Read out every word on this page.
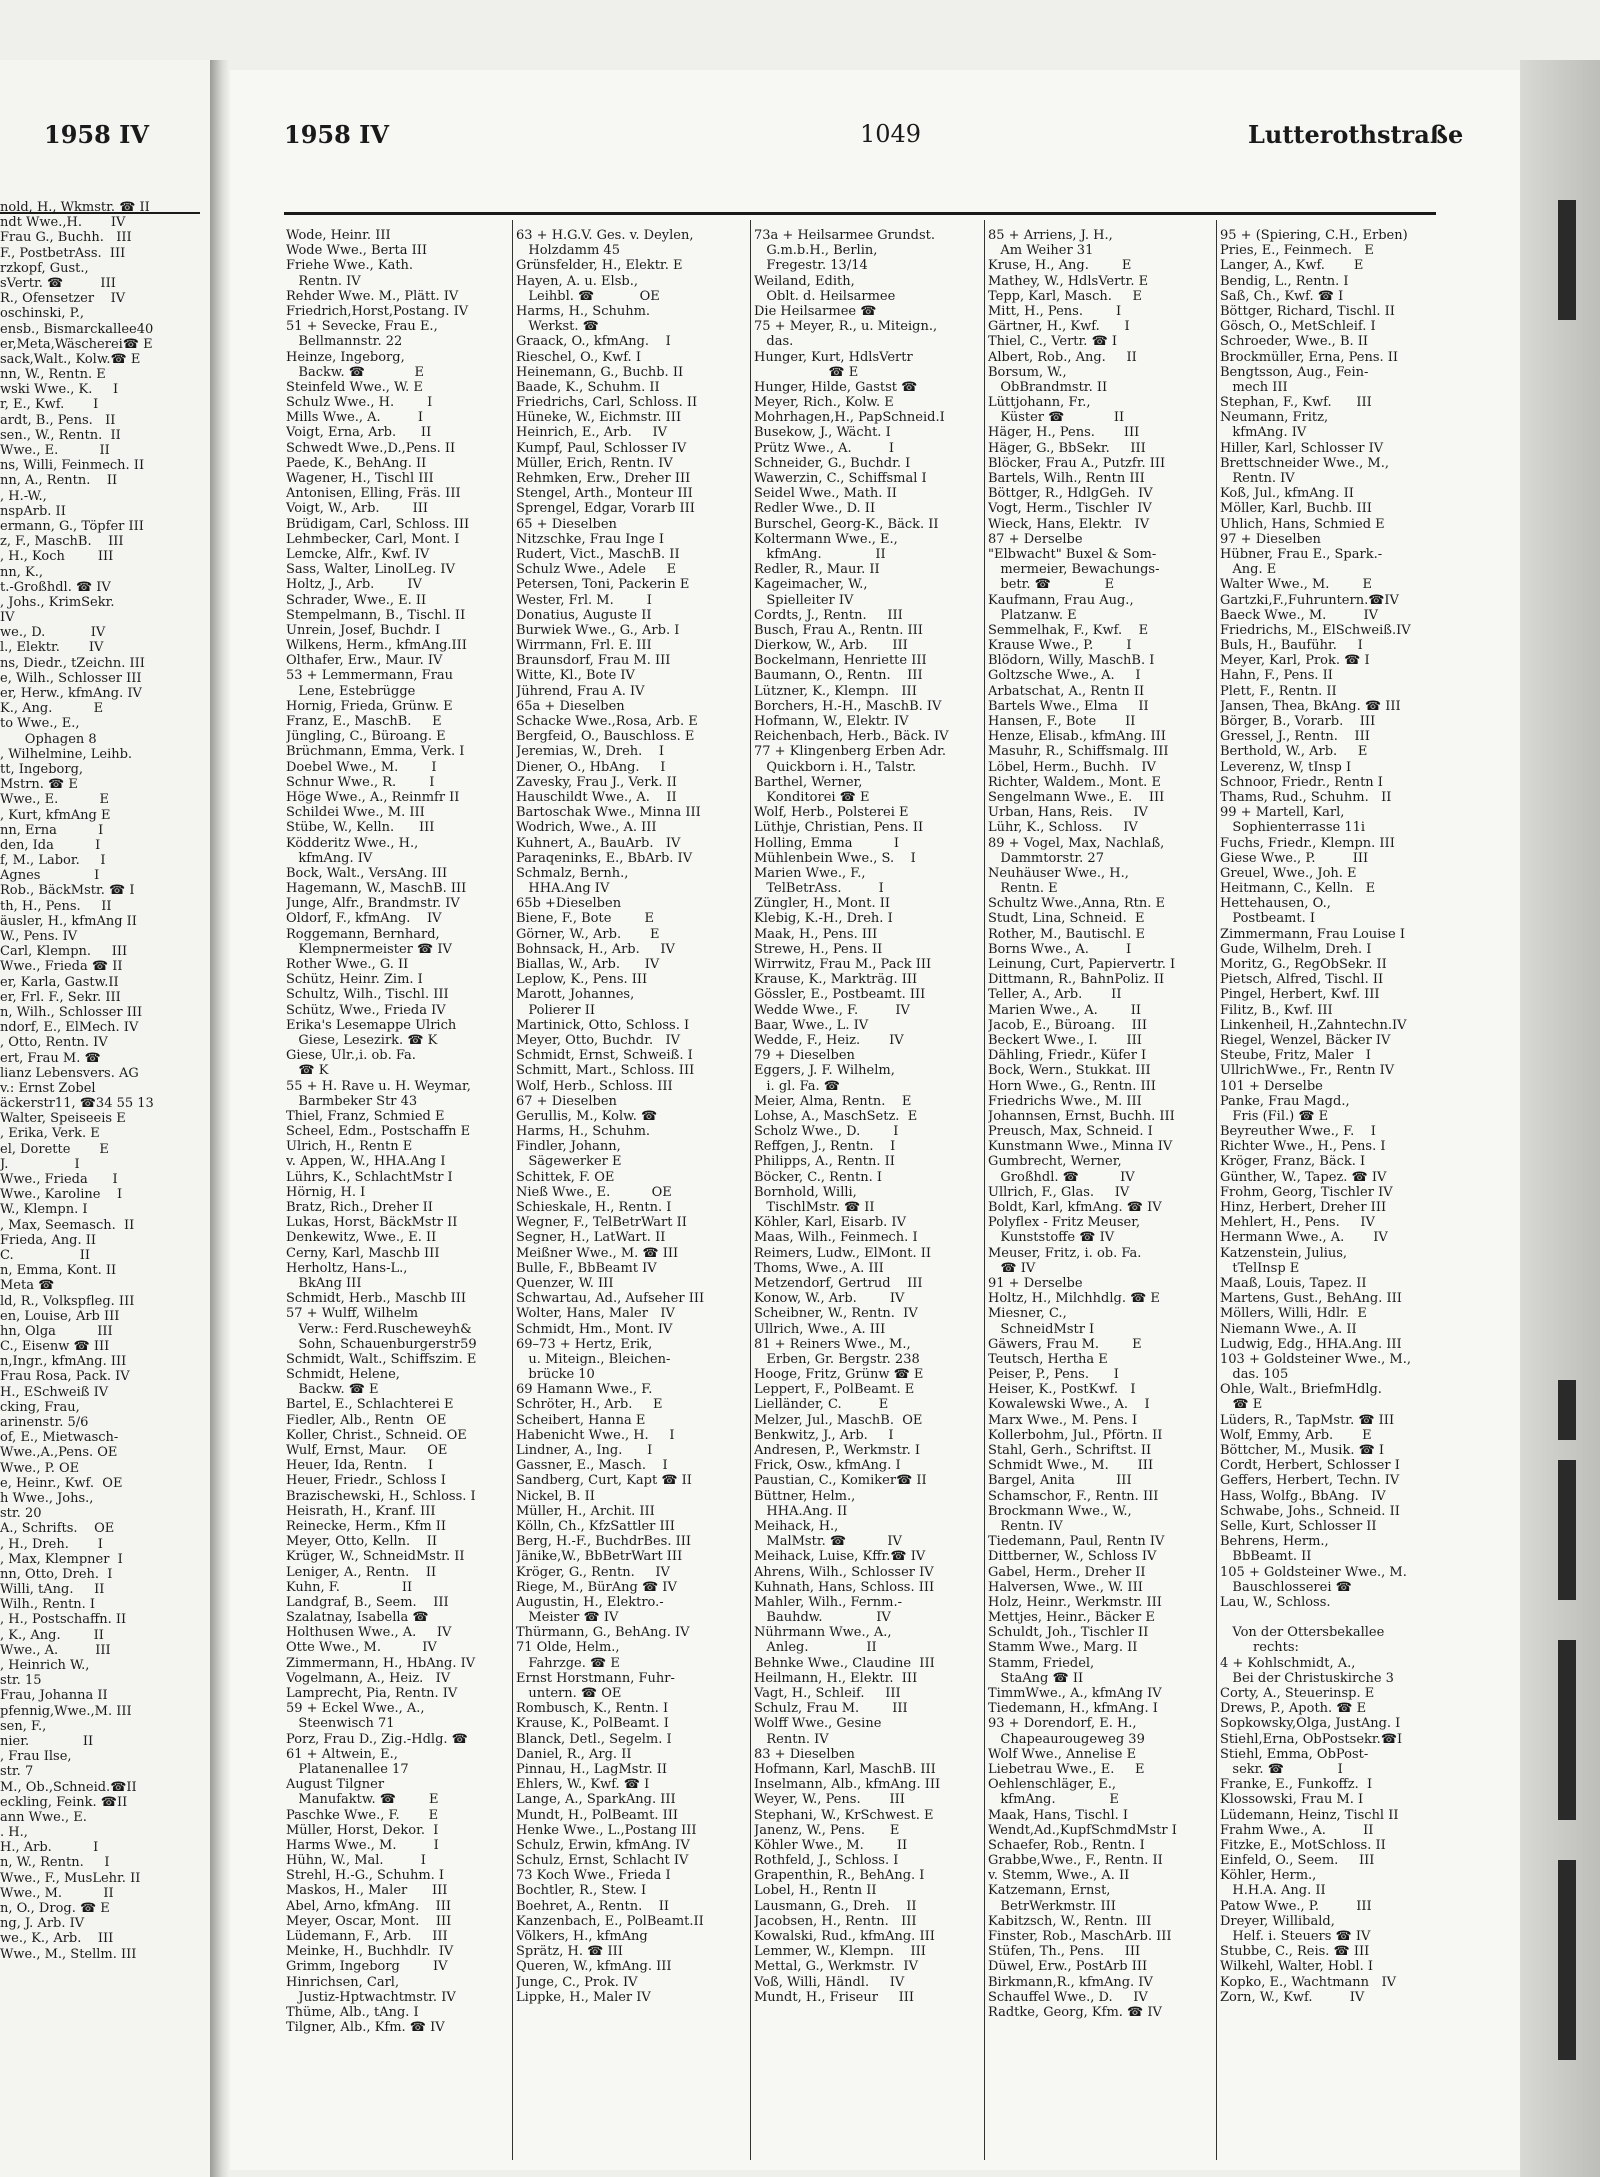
1958 IV
nold, H., Wkmstr. ☎ II
ndt Wwe.,H.       IV
Frau G., Buchh.   III
F., PostbetrAss.  III
rzkopf, Gust.,
sVertr. ☎         III
R., Ofensetzer    IV
oschinski, P.,
ensb., Bismarckallee40
er,Meta,Wäscherei☎ E
sack,Walt., Kolw.☎ E
nn, W., Rentn. E
wski Wwe., K.     I
r, E., Kwf.       I
ardt, B., Pens.   II
sen., W., Rentn.  II
Wwe., E.          II
ns, Willi, Feinmech. II
nn, A., Rentn.    II
, H.-W.,
nspArb. II
ermann, G., Töpfer III
z, F., MaschB.    III
, H., Koch        III
nn, K.,
t.-Großhdl. ☎ IV
, Johs., KrimSekr.
IV
we., D.           IV
l., Elektr.       IV
ns, Diedr., tZeichn. III
e, Wilh., Schlosser III
er, Herw., kfmAng. IV
K., Ang.          E
to Wwe., E.,
Ophagen 8
, Wilhelmine, Leihb.
tt, Ingeborg,
Mstrn. ☎ E
Wwe., E.          E
, Kurt, kfmAng E
nn, Erna          I
den, Ida          I
f, M., Labor.     I
Agnes             I
Rob., BäckMstr. ☎ I
th, H., Pens.     II
äusler, H., kfmAng II
W., Pens. IV
Carl, Klempn.     III
Wwe., Frieda ☎ II
er, Karla, Gastw.II
er, Frl. F., Sekr. III
n, Wilh., Schlosser III
ndorf, E., ElMech. IV
, Otto, Rentn. IV
ert, Frau M. ☎
lianz Lebensvers. AG
v.: Ernst Zobel
äckerstr11, ☎34 55 13
Walter, Speiseeis E
, Erika, Verk. E
el, Dorette       E
J.                I
Wwe., Frieda      I
Wwe., Karoline    I
W., Klempn. I
, Max, Seemasch.  II
Frieda, Ang. II
C.                II
n, Emma, Kont. II
Meta ☎
ld, R., Volkspfleg. III
en, Louise, Arb III
hn, Olga          III
C., Eisenw ☎ III
n,Ingr., kfmAng. III
Frau Rosa, Pack. IV
H., ESchweiß IV
cking, Frau,
arinenstr. 5/6
of, E., Mietwasch-
Wwe.,A.,Pens. OE
Wwe., P. OE
e, Heinr., Kwf.  OE
h Wwe., Johs.,
str. 20
A., Schrifts.    OE
, H., Dreh.       I
, Max, Klempner  I
nn, Otto, Dreh.  I
Willi, tAng.     II
Wilh., Rentn. I
, H., Postschaffn. II
, K., Ang.        II
Wwe., A.         III
, Heinrich W.,
str. 15
Frau, Johanna II
pfennig,Wwe.,M. III
sen, F.,
nier.             II
, Frau Ilse,
str. 7
M., Ob.,Schneid.☎II
eckling, Feink. ☎II
ann Wwe., E.
. H.,
H., Arb.          I
n, W., Rentn.     I
Wwe., F., MusLehr. II
Wwe., M.          II
n, O., Drog. ☎ E
ng, J. Arb. IV
we., K., Arb.    III
Wwe., M., Stellm. III
1958 IV	1049	Lutterothstraße
Wode, Heinr. III
Wode Wwe., Berta III
Friehe Wwe., Kath.
Rentn. IV
Rehder Wwe. M., Plätt. IV
Friedrich,Horst,Postang. IV
51 + Sevecke, Frau E.,
Bellmannstr. 22
Heinze, Ingeborg,
Backw. ☎            E
Steinfeld Wwe., W. E
Schulz Wwe., H.        I
Mills Wwe., A.         I
Voigt, Erna, Arb.      II
Schwedt Wwe.,D.,Pens. II
Paede, K., BehAng. II
Wagener, H., Tischl III
Antonisen, Elling, Fräs. III
Voigt, W., Arb.        III
Brüdigam, Carl, Schloss. III
Lehmbecker, Carl, Mont. I
Lemcke, Alfr., Kwf. IV
Sass, Walter, LinolLeg. IV
Holtz, J., Arb.        IV
Schrader, Wwe., E. II
Stempelmann, B., Tischl. II
Unrein, Josef, Buchdr. I
Wilkens, Herm., kfmAng.III
Olthafer, Erw., Maur. IV
53 + Lemmermann, Frau
Lene, Estebrügge
Hornig, Frieda, Grünw. E
Franz, E., MaschB.     E
Jüngling, C., Büroang. E
Brüchmann, Emma, Verk. I
Doebel Wwe., M.        I
Schnur Wwe., R.        I
Höge Wwe., A., Reinmfr II
Schildei Wwe., M. III
Stübe, W., Kelln.      III
Ködderitz Wwe., H.,
kfmAng. IV
Bock, Walt., VersAng. III
Hagemann, W., MaschB. III
Junge, Alfr., Brandmstr. IV
Oldorf, F., kfmAng.    IV
Roggemann, Bernhard,
Klempnermeister ☎ IV
Rother Wwe., G. II
Schütz, Heinr. Zim. I
Schultz, Wilh., Tischl. III
Schütz, Wwe., Frieda IV
Erika's Lesemappe Ulrich
Giese, Lesezirk. ☎ K
Giese, Ulr.,i. ob. Fa.
☎ K
55 + H. Rave u. H. Weymar,
Barmbeker Str 43
Thiel, Franz, Schmied E
Scheel, Edm., Postschaffn E
Ulrich, H., Rentn E
v. Appen, W., HHA.Ang I
Lührs, K., SchlachtMstr I
Hörnig, H. I
Bratz, Rich., Dreher II
Lukas, Horst, BäckMstr II
Denkewitz, Wwe., E. II
Cerny, Karl, Maschb III
Herholtz, Hans-L.,
BkAng III
Schmidt, Herb., Maschb III
57 + Wulff, Wilhelm
Verw.: Ferd.Ruscheweyh&
Sohn, Schauenburgerstr59
Schmidt, Walt., Schiffszim. E
Schmidt, Helene,
Backw. ☎ E
Bartel, E., Schlachterei E
Fiedler, Alb., Rentn   OE
Koller, Christ., Schneid. OE
Wulf, Ernst, Maur.     OE
Heuer, Ida, Rentn.     I
Heuer, Friedr., Schloss I
Brazischewski, H., Schloss. I
Heisrath, H., Kranf. III
Reinecke, Herm., Kfm II
Meyer, Otto, Kelln.    II
Krüger, W., SchneidMstr. II
Leniger, A., Rentn.    II
Kuhn, F.               II
Landgraf, B., Seem.    III
Szalatnay, Isabella ☎
Holthusen Wwe., A.     IV
Otte Wwe., M.          IV
Zimmermann, H., HbAng. IV
Vogelmann, A., Heiz.   IV
Lamprecht, Pia, Rentn. IV
59 + Eckel Wwe., A.,
Steenwisch 71
Porz, Frau D., Zig.-Hdlg. ☎
61 + Altwein, E.,
Platanenallee 17
August Tilgner
Manufaktw. ☎        E
Paschke Wwe., F.       E
Müller, Horst, Dekor.  I
Harms Wwe., M.         I
Hühn, W., Mal.         I
Strehl, H.-G., Schuhm. I
Maskos, H., Maler      III
Abel, Arno, kfmAng.    III
Meyer, Oscar, Mont.    III
Lüdemann, F., Arb.     III
Meinke, H., Buchhdlr.  IV
Grimm, Ingeborg        IV
Hinrichsen, Carl,
Justiz-Hptwachtmstr. IV
Thüme, Alb., tAng. I
Tilgner, Alb., Kfm. ☎ IV
63 + H.G.V. Ges. v. Deylen,
Holzdamm 45
Grünsfelder, H., Elektr. E
Hayen, A. u. Elsb.,
Leihbl. ☎           OE
Harms, H., Schuhm.
Werkst. ☎
Graack, O., kfmAng.    I
Rieschel, O., Kwf. I
Heinemann, G., Buchb. II
Baade, K., Schuhm. II
Friedrichs, Carl, Schloss. II
Hüneke, W., Eichmstr. III
Heinrich, E., Arb.     IV
Kumpf, Paul, Schlosser IV
Müller, Erich, Rentn. IV
Rehmken, Erw., Dreher III
Stengel, Arth., Monteur III
Sprengel, Edgar, Vorarb III
65 + Dieselben
Nitzschke, Frau Inge I
Rudert, Vict., MaschB. II
Schulz Wwe., Adele     E
Petersen, Toni, Packerin E
Wester, Frl. M.        I
Donatius, Auguste II
Burwiek Wwe., G., Arb. I
Wirrmann, Frl. E. III
Braunsdorf, Frau M. III
Witte, Kl., Bote IV
Jührend, Frau A. IV
65a + Dieselben
Schacke Wwe.,Rosa, Arb. E
Bergfeid, O., Bauschloss. E
Jeremias, W., Dreh.    I
Diener, O., HbAng.     I
Zavesky, Frau J., Verk. II
Hauschildt Wwe., A.    II
Bartoschak Wwe., Minna III
Wodrich, Wwe., A. III
Kuhnert, A., BauArb.   IV
Paraqeninks, E., BbArb. IV
Schmalz, Bernh.,
HHA.Ang IV
65b +Dieselben
Biene, F., Bote        E
Görner, W., Arb.       E
Bohnsack, H., Arb.     IV
Biallas, W., Arb.      IV
Leplow, K., Pens. III
Marott, Johannes,
Polierer II
Martinick, Otto, Schloss. I
Meyer, Otto, Buchdr.   IV
Schmidt, Ernst, Schweiß. I
Schmitt, Mart., Schloss. III
Wolf, Herb., Schloss. III
67 + Dieselben
Gerullis, M., Kolw. ☎
Harms, H., Schuhm.
Findler, Johann,
Sägewerker E
Schittek, F. OE
Nieß Wwe., E.          OE
Schieskale, H., Rentn. I
Wegner, F., TelBetrWart II
Segner, H., LatWart. II
Meißner Wwe., M. ☎ III
Bulle, F., BbBeamt IV
Quenzer, W. III
Schwartau, Ad., Aufseher III
Wolter, Hans, Maler   IV
Schmidt, Hm., Mont. IV
69–73 + Hertz, Erik,
u. Miteign., Bleichen-
brücke 10
69 Hamann Wwe., F.
Schröter, H., Arb.     E
Scheibert, Hanna E
Habenicht Wwe., H.     I
Lindner, A., Ing.      I
Gassner, E., Masch.    I
Sandberg, Curt, Kapt ☎ II
Nickel, B. II
Müller, H., Archit. III
Kölln, Ch., KfzSattler III
Berg, H.-F., BuchdrBes. III
Jänike,W., BbBetrWart III
Kröger, G., Rentn.     IV
Riege, M., BürAng ☎ IV
Augustin, H., Elektro.-
Meister ☎ IV
Thürmann, G., BehAng. IV
71 Olde, Helm.,
Fahrzge. ☎ E
Ernst Horstmann, Fuhr-
untern. ☎ OE
Rombusch, K., Rentn. I
Krause, K., PolBeamt. I
Blanck, Detl., Segelm. I
Daniel, R., Arg. II
Pinnau, H., LagMstr. II
Ehlers, W., Kwf. ☎ I
Lange, A., SparkAng. III
Mundt, H., PolBeamt. III
Henke Wwe., L.,Postang III
Schulz, Erwin, kfmAng. IV
Schulz, Ernst, Schlacht IV
73 Koch Wwe., Frieda I
Bochtler, R., Stew. I
Boehret, A., Rentn.    II
Kanzenbach, E., PolBeamt.II
Völkers, H., kfmAng
Sprätz, H. ☎ III
Queren, W., kfmAng. III
Junge, C., Prok. IV
Lippke, H., Maler IV
73a + Heilsarmee Grundst.
G.m.b.H., Berlin,
Fregestr. 13/14
Weiland, Edith,
Oblt. d. Heilsarmee
Die Heilsarmee ☎
75 + Meyer, R., u. Miteign.,
das.
Hunger, Kurt, HdlsVertr
☎ E
Hunger, Hilde, Gastst ☎
Meyer, Rich., Kolw. E
Mohrhagen,H., PapSchneid.I
Busekow, J., Wächt. I
Prütz Wwe., A.         I
Schneider, G., Buchdr. I
Wawerzin, C., Schiffsmal I
Seidel Wwe., Math. II
Redler Wwe., D. II
Burschel, Georg-K., Bäck. II
Koltermann Wwe., E.,
kfmAng.             II
Redler, R., Maur. II
Kageimacher, W.,
Spielleiter IV
Cordts, J., Rentn.     III
Busch, Frau A., Rentn. III
Dierkow, W., Arb.      III
Bockelmann, Henriette III
Baumann, O., Rentn.    III
Lützner, K., Klempn.   III
Borchers, H.-H., MaschB. IV
Hofmann, W., Elektr. IV
Reichenbach, Herb., Bäck. IV
77 + Klingenberg Erben Adr.
Quickborn i. H., Talstr.
Barthel, Werner,
Konditorei ☎ E
Wolf, Herb., Polsterei E
Lüthje, Christian, Pens. II
Holling, Emma          I
Mühlenbein Wwe., S.    I
Marien Wwe., F.,
TelBetrAss.         I
Züngler, H., Mont. II
Klebig, K.-H., Dreh. I
Maak, H., Pens. III
Strewe, H., Pens. II
Wirrwitz, Frau M., Pack III
Krause, K., Markträg. III
Gössler, E., Postbeamt. III
Wedde Wwe., F.         IV
Baar, Wwe., L. IV
Wedde, F., Heiz.       IV
79 + Dieselben
Eggers, J. F. Wilhelm,
i. gl. Fa. ☎
Meier, Alma, Rentn.    E
Lohse, A., MaschSetz.  E
Scholz Wwe., D.        I
Reffgen, J., Rentn.    I
Philipps, A., Rentn. II
Böcker, C., Rentn. I
Bornhold, Willi,
TischlMstr. ☎ II
Köhler, Karl, Eisarb. IV
Maas, Wilh., Feinmech. I
Reimers, Ludw., ElMont. II
Thoms, Wwe., A. III
Metzendorf, Gertrud    III
Konow, W., Arb.        IV
Scheibner, W., Rentn.  IV
Ullrich, Wwe., A. III
81 + Reiners Wwe., M.,
Erben, Gr. Bergstr. 238
Hooge, Fritz, Grünw ☎ E
Leppert, F., PolBeamt. E
Lielländer, C.         E
Melzer, Jul., MaschB.  OE
Benkwitz, J., Arb.     I
Andresen, P., Werkmstr. I
Frick, Osw., kfmAng. I
Paustian, C., Komiker☎ II
Büttner, Helm.,
HHA.Ang. II
Meihack, H.,
MalMstr. ☎          IV
Meihack, Luise, Kffr.☎ IV
Ahrens, Wilh., Schlosser IV
Kuhnath, Hans, Schloss. III
Mahler, Wilh., Fernm.-
Bauhdw.             IV
Nührmann Wwe., A.,
Anleg.              II
Behnke Wwe., Claudine  III
Heilmann, H., Elektr.  III
Vagt, H., Schleif.     III
Schulz, Frau M.        III
Wolff Wwe., Gesine
Rentn. IV
83 + Dieselben
Hofmann, Karl, MaschB. III
Inselmann, Alb., kfmAng. III
Weyer, W., Pens.       III
Stephani, W., KrSchwest. E
Janenz, W., Pens.      E
Köhler Wwe., M.        II
Rothfeld, J., Schloss. I
Grapenthin, R., BehAng. I
Lobel, H., Rentn II
Lausmann, G., Dreh.    II
Jacobsen, H., Rentn.   III
Kowalski, Rud., kfmAng. III
Lemmer, W., Klempn.    III
Mettal, G., Werkmstr.  IV
Voß, Willi, Händl.     IV
Mundt, H., Friseur     III
85 + Arriens, J. H.,
Am Weiher 31
Kruse, H., Ang.        E
Mathey, W., HdlsVertr. E
Tepp, Karl, Masch.     E
Mitt, H., Pens.        I
Gärtner, H., Kwf.      I
Thiel, C., Vertr. ☎ I
Albert, Rob., Ang.     II
Borsum, W.,
ObBrandmstr. II
Lüttjohann, Fr.,
Küster ☎            II
Häger, H., Pens.       III
Häger, G., BbSekr.     III
Blöcker, Frau A., Putzfr. III
Bartels, Wilh., Rentn III
Böttger, R., HdlgGeh.  IV
Vogt, Herm., Tischler  IV
Wieck, Hans, Elektr.   IV
87 + Derselbe
"Elbwacht" Buxel & Som-
mermeier, Bewachungs-
betr. ☎             E
Kaufmann, Frau Aug.,
Platzanw. E
Semmelhak, F., Kwf.    E
Krause Wwe., P.        I
Blödorn, Willy, MaschB. I
Goltzsche Wwe., A.     I
Arbatschat, A., Rentn II
Bartels Wwe., Elma     II
Hansen, F., Bote       II
Henze, Elisab., kfmAng. III
Masuhr, R., Schiffsmalg. III
Löbel, Herm., Buchh.   IV
Richter, Waldem., Mont. E
Sengelmann Wwe., E.    III
Urban, Hans, Reis.     IV
Lühr, K., Schloss.     IV
89 + Vogel, Max, Nachlaß,
Dammtorstr. 27
Neuhäuser Wwe., H.,
Rentn. E
Schultz Wwe.,Anna, Rtn. E
Studt, Lina, Schneid.  E
Rother, M., Bautischl. E
Borns Wwe., A.         I
Leinung, Curt, Papiervertr. I
Dittmann, R., BahnPoliz. II
Teller, A., Arb.       II
Marien Wwe., A.        II
Jacob, E., Büroang.    III
Beckert Wwe., I.       III
Dähling, Friedr., Küfer I
Bock, Wern., Stukkat. III
Horn Wwe., G., Rentn. III
Friedrichs Wwe., M. III
Johannsen, Ernst, Buchh. III
Preusch, Max, Schneid. I
Kunstmann Wwe., Minna IV
Gumbrecht, Werner,
Großhdl. ☎          IV
Ullrich, F., Glas.     IV
Boldt, Karl, kfmAng. ☎ IV
Polyflex - Fritz Meuser,
Kunststoffe ☎ IV
Meuser, Fritz, i. ob. Fa.
☎ IV
91 + Derselbe
Holtz, H., Milchhdlg. ☎ E
Miesner, C.,
SchneidMstr I
Gäwers, Frau M.        E
Teutsch, Hertha E
Peiser, P., Pens.      I
Heiser, K., PostKwf.   I
Kowalewski Wwe., A.    I
Marx Wwe., M. Pens. I
Kollerbohm, Jul., Pförtn. II
Stahl, Gerh., Schriftst. II
Schmidt Wwe., M.       III
Bargel, Anita          III
Schamschor, F., Rentn. III
Brockmann Wwe., W.,
Rentn. IV
Tiedemann, Paul, Rentn IV
Dittberner, W., Schloss IV
Gabel, Herm., Dreher II
Halversen, Wwe., W. III
Holz, Heinr., Werkmstr. III
Mettjes, Heinr., Bäcker E
Schuldt, Joh., Tischler II
Stamm Wwe., Marg. II
Stamm, Friedel,
StaAng ☎ II
TimmWwe., A., kfmAng IV
Tiedemann, H., kfmAng. I
93 + Dorendorf, E. H.,
Chapeaurougeweg 39
Wolf Wwe., Annelise E
Liebetrau Wwe., E.     E
Oehlenschläger, E.,
kfmAng.             E
Maak, Hans, Tischl. I
Wendt,Ad.,KupfSchmdMstr I
Schaefer, Rob., Rentn. I
Grabbe,Wwe., F., Rentn. II
v. Stemm, Wwe., A. II
Katzemann, Ernst,
BetrWerkmstr. III
Kabitzsch, W., Rentn.  III
Finster, Rob., MaschArb. III
Stüfen, Th., Pens.     III
Düwel, Erw., PostArb III
Birkmann,R., kfmAng. IV
Schauffel Wwe., D.     IV
Radtke, Georg, Kfm. ☎ IV
95 + (Spiering, C.H., Erben)
Pries, E., Feinmech.   E
Langer, A., Kwf.       E
Bendig, L., Rentn. I
Saß, Ch., Kwf. ☎ I
Böttger, Richard, Tischl. II
Gösch, O., MetSchleif. I
Schroeder, Wwe., B. II
Brockmüller, Erna, Pens. II
Bengtsson, Aug., Fein-
mech III
Stephan, F., Kwf.      III
Neumann, Fritz,
kfmAng. IV
Hiller, Karl, Schlosser IV
Brettschneider Wwe., M.,
Rentn. IV
Koß, Jul., kfmAng. II
Möller, Karl, Buchb. III
Uhlich, Hans, Schmied E
97 + Dieselben
Hübner, Frau E., Spark.-
Ang. E
Walter Wwe., M.        E
Gartzki,F.,Fuhruntern.☎IV
Baeck Wwe., M.         IV
Friedrichs, M., ElSchweiß.IV
Buls, H., Bauführ.     I
Meyer, Karl, Prok. ☎ I
Hahn, F., Pens. II
Plett, F., Rentn. II
Jansen, Thea, BkAng. ☎ III
Börger, B., Vorarb.    III
Gressel, J., Rentn.    III
Berthold, W., Arb.     E
Leverenz, W, tInsp I
Schnoor, Friedr., Rentn I
Thams, Rud., Schuhm.   II
99 + Martell, Karl,
Sophienterrasse 11i
Fuchs, Friedr., Klempn. III
Giese Wwe., P.         III
Greuel, Wwe., Joh. E
Heitmann, C., Kelln.   E
Hettehausen, O.,
Postbeamt. I
Zimmermann, Frau Louise I
Gude, Wilhelm, Dreh. I
Moritz, G., RegObSekr. II
Pietsch, Alfred, Tischl. II
Pingel, Herbert, Kwf. III
Filitz, B., Kwf. III
Linkenheil, H.,Zahntechn.IV
Riegel, Wenzel, Bäcker IV
Steube, Fritz, Maler   I
UllrichWwe., Fr., Rentn IV
101 + Derselbe
Panke, Frau Magd.,
Fris (Fil.) ☎ E
Beyreuther Wwe., F.    I
Richter Wwe., H., Pens. I
Kröger, Franz, Bäck. I
Günther, W., Tapez. ☎ IV
Frohm, Georg, Tischler IV
Hinz, Herbert, Dreher III
Mehlert, H., Pens.     IV
Hermann Wwe., A.       IV
Katzenstein, Julius,
tTelInsp E
Maaß, Louis, Tapez. II
Martens, Gust., BehAng. III
Möllers, Willi, Hdlr.  E
Niemann Wwe., A. II
Ludwig, Edg., HHA.Ang. III
103 + Goldsteiner Wwe., M.,
das. 105
Ohle, Walt., BriefmHdlg.
☎ E
Lüders, R., TapMstr. ☎ III
Wolf, Emmy, Arb.       E
Böttcher, M., Musik. ☎ I
Cordt, Herbert, Schlosser I
Geffers, Herbert, Techn. IV
Hass, Wolfg., BbAng.   IV
Schwabe, Johs., Schneid. II
Selle, Kurt, Schlosser II
Behrens, Herm.,
BbBeamt. II
105 + Goldsteiner Wwe., M.
Bauschlosserei ☎
Lau, W., Schloss.
Von der Ottersbekallee
rechts:
4 + Kohlschmidt, A.,
Bei der Christuskirche 3
Corty, A., Steuerinsp. E
Drews, P., Apoth. ☎ E
Sopkowsky,Olga, JustAng. I
Stiehl,Erna, ObPostsekr.☎I
Stiehl, Emma, ObPost-
sekr. ☎             I
Franke, E., Funkoffz.  I
Klossowski, Frau M. I
Lüdemann, Heinz, Tischl II
Frahm Wwe., A.         II
Fitzke, E., MotSchloss. II
Einfeld, O., Seem.     III
Köhler, Herm.,
H.H.A. Ang. II
Patow Wwe., P.         III
Dreyer, Willibald,
Helf. i. Steuers ☎ IV
Stubbe, C., Reis. ☎ III
Wilkehl, Walter, Hobl. I
Kopko, E., Wachtmann   IV
Zorn, W., Kwf.         IV
